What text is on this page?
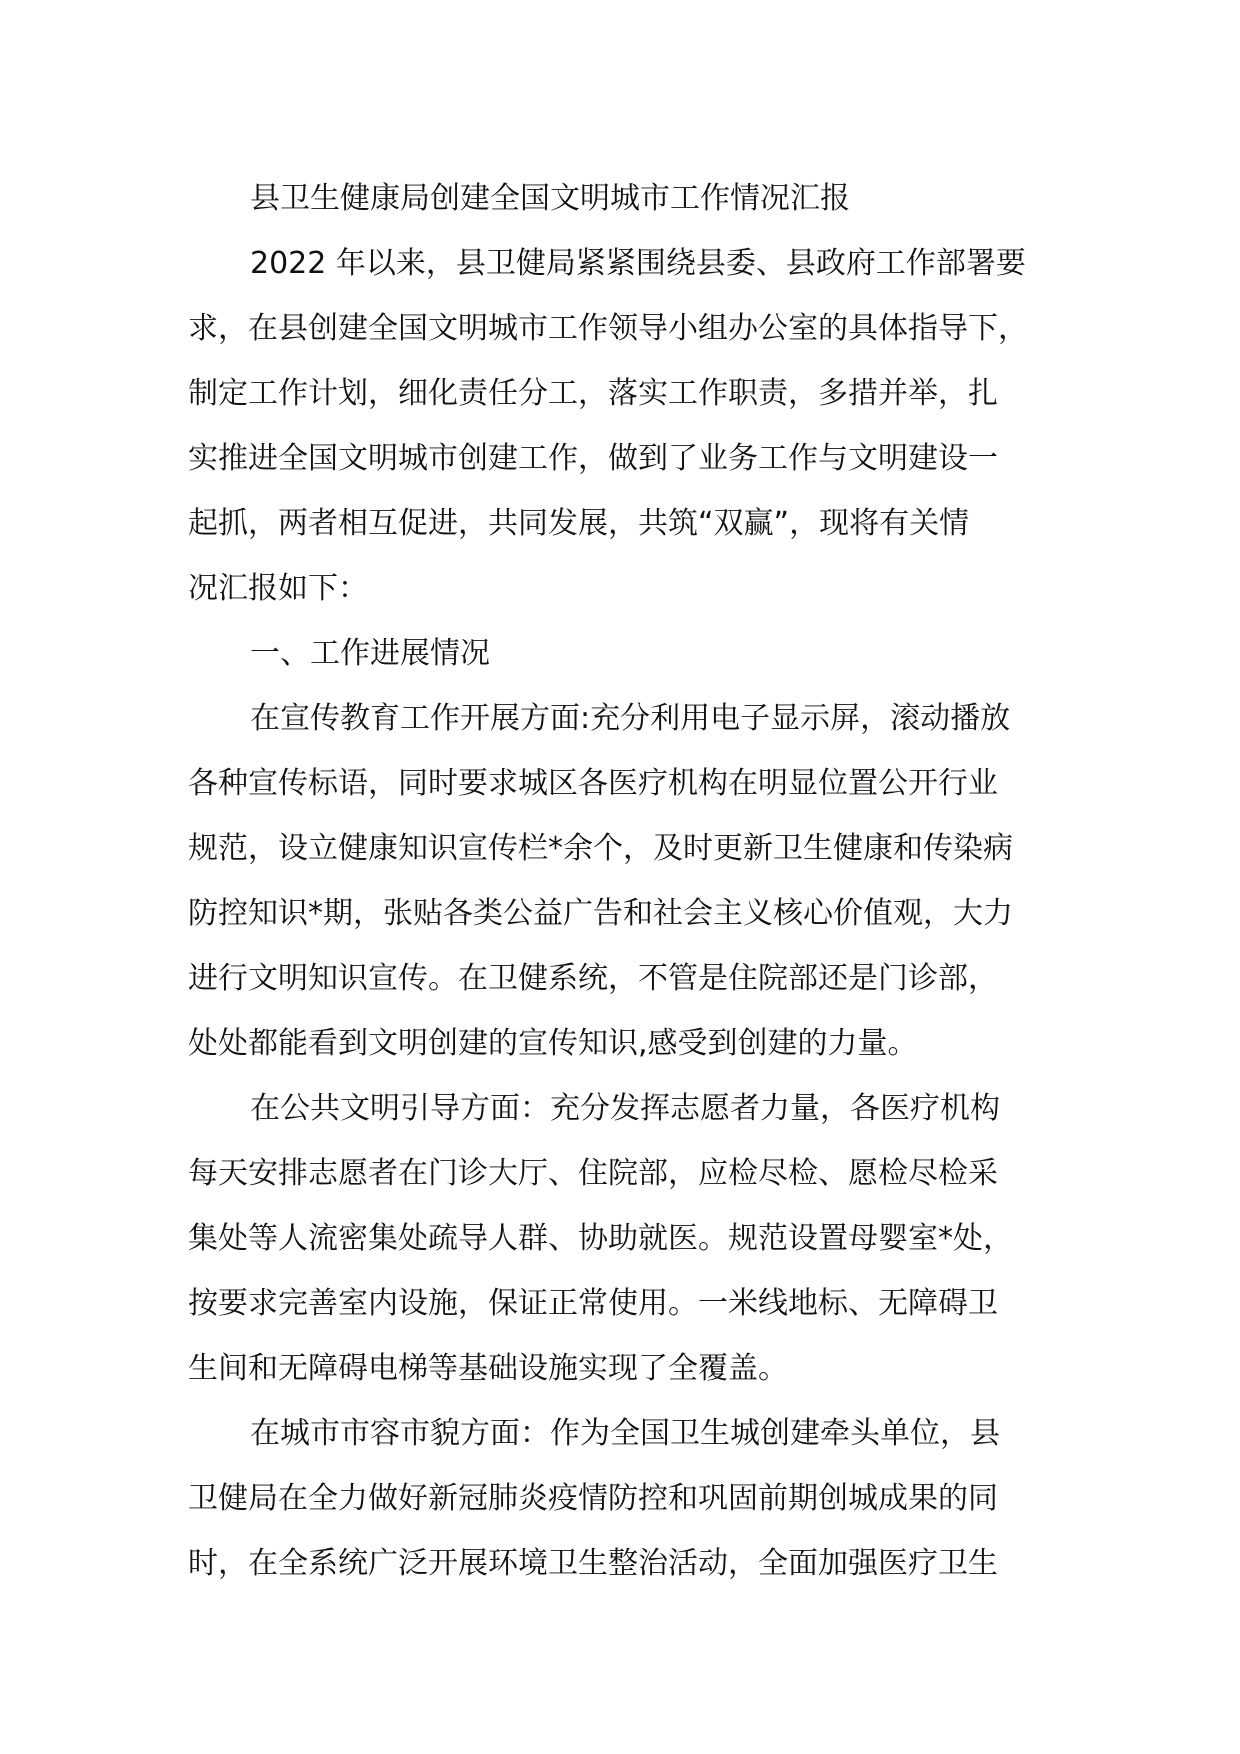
县卫生健康局创建全国文明城市工作情况汇报
2022 年以来，县卫健局紧紧围绕县委、县政府工作部署要
求，在县创建全国文明城市工作领导小组办公室的具体指导下，
制定工作计划，细化责任分工，落实工作职责，多措并举，扎
实推进全国文明城市创建工作，做到了业务工作与文明建设一
起抓，两者相互促进，共同发展，共筑“双赢”，现将有关情
况汇报如下：
一、工作进展情况
在宣传教育工作开展方面:充分利用电子显示屏，滚动播放
各种宣传标语，同时要求城区各医疗机构在明显位置公开行业
规范，设立健康知识宣传栏*余个，及时更新卫生健康和传染病
防控知识*期，张贴各类公益广告和社会主义核心价值观，大力
进行文明知识宣传。在卫健系统，不管是住院部还是门诊部，
处处都能看到文明创建的宣传知识,感受到创建的力量。
在公共文明引导方面：充分发挥志愿者力量，各医疗机构
每天安排志愿者在门诊大厅、住院部，应检尽检、愿检尽检采
集处等人流密集处疏导人群、协助就医。规范设置母婴室*处，
按要求完善室内设施，保证正常使用。一米线地标、无障碍卫
生间和无障碍电梯等基础设施实现了全覆盖。
在城市市容市貌方面：作为全国卫生城创建牵头单位，县
卫健局在全力做好新冠肺炎疫情防控和巩固前期创城成果的同
时，在全系统广泛开展环境卫生整治活动，全面加强医疗卫生
